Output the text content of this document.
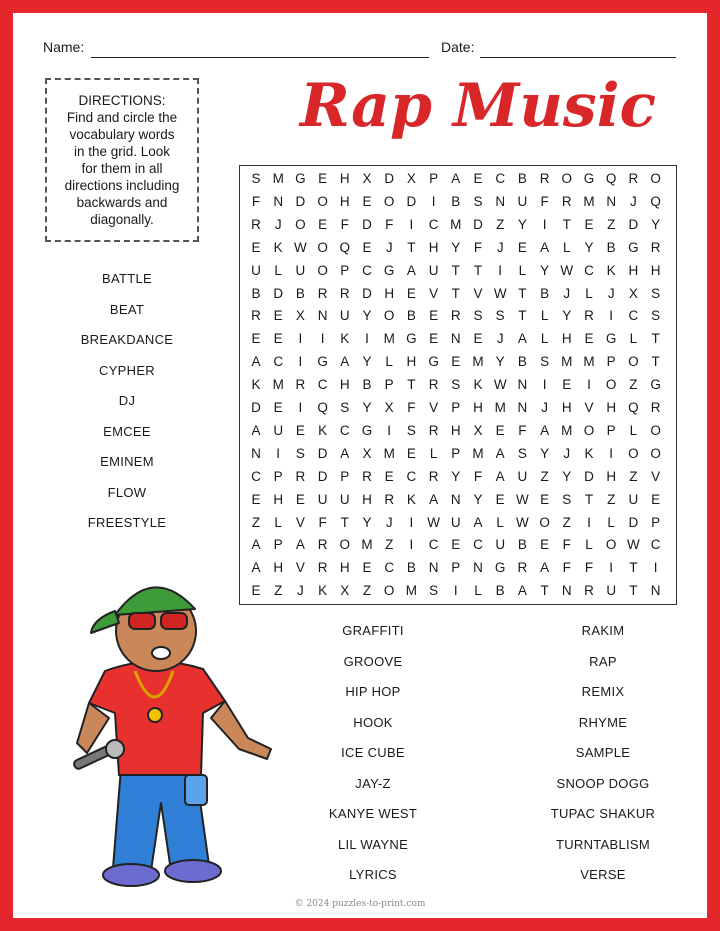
Name:	Date:
DIRECTIONS:
Find and circle the
vocabulary words
in the grid. Look
for them in all
directions including
backwards and
diagonally.
Rap Music
S M G E H X D X P A E C B R O G Q R O
F N D O H E O D	I	B S N U F R M N	J	Q
R	J	O E	F D F	I	C M D Z	Y	I	T	E	Z D Y
E K W O Q E	J	T H Y	F	J	E A	L	Y B G R
U	L	U O P C G A U T	T	I	L	Y W C K H H
B D B R R D H E V	T	V W T	B	J	L	J	X S
R E X N U Y O B E R S S	T	L	Y R	I	C S
E E	I	I	K	I	M G E N E	J	A	L	H E G L	T
A C	I	G A Y	L	H G E M Y B S M M P O T
K M R C H B P	T R S K W N	I	E	I	O Z G
D E	I	Q S Y X	F	V P H M N	J	H V H Q R
A U E K C G	I	S R H X E	F	A M O P	L O
N	I	S D A X M E	L	P M A S Y	J	K	I	O O
C P R D P R E C R Y	F	A U Z	Y D H Z	V
E H E U U H R K A N Y E W E S	T	Z U E
Z	L	V	F	T	Y	J	I	W U A	L W O Z	I	L	D P
A P A R O M Z	I	C E C U B E	F	L O W C
A H V R H E C B N P N G R A	F	F	I	T	I
E	Z	J	K X	Z O M S	I	L	B A	T N R U T N
BATTLE
BEAT
BREAKDANCE
CYPHER
DJ
EMCEE
EMINEM
FLOW
FREESTYLE
GRAFFITI
GROOVE
HIP HOP
HOOK
ICE CUBE
JAY-Z
KANYE WEST
LIL WAYNE
LYRICS
RAKIM
RAP
REMIX
RHYME
SAMPLE
SNOOP DOGG
TUPAC SHAKUR
TURNTABLISM
VERSE
© 2024 puzzles-to-print.com
